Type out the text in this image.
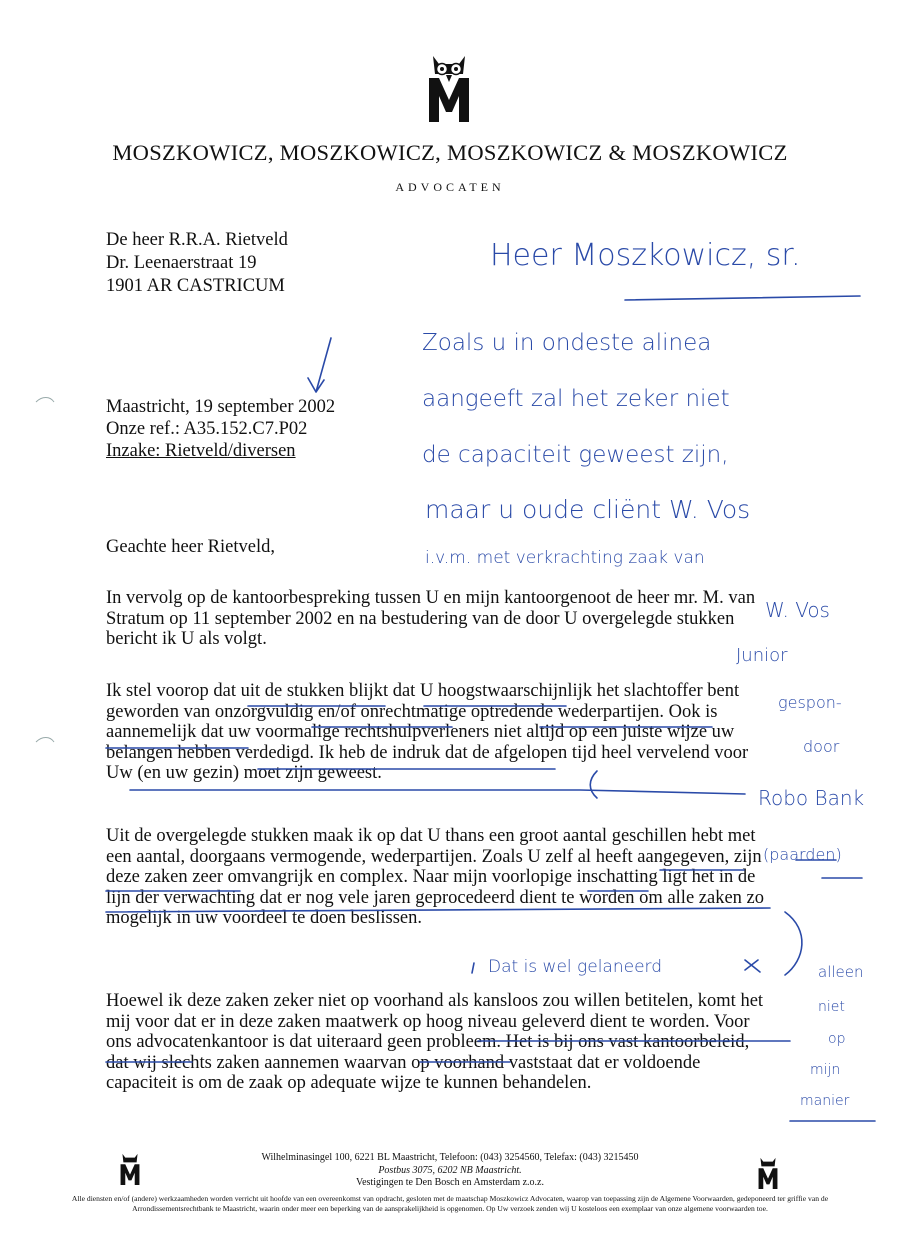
MOSZKOWICZ, MOSZKOWICZ, MOSZKOWICZ & MOSZKOWICZ
ADVOCATEN
De heer R.R.A. Rietveld
Dr. Leenaerstraat 19
1901 AR CASTRICUM
Maastricht, 19 september 2002
Onze ref.: A35.152.C7.P02
Inzake: Rietveld/diversen
Geachte heer Rietveld,

In vervolg op de kantoorbespreking tussen U en mijn kantoorgenoot de heer mr. M. van Stratum op 11 september 2002 en na bestudering van de door U overgelegde stukken bericht ik U als volgt.

Ik stel voorop dat uit de stukken blijkt dat U hoogstwaarschijnlijk het slachtoffer bent geworden van onzorgvuldig en/of onrechtmatige optredende wederpartijen. Ook is aannemelijk dat uw voormalige rechtshulpverleners niet altijd op een juiste wijze uw belangen hebben verdedigd. Ik heb de indruk dat de afgelopen tijd heel vervelend voor Uw (en uw gezin) moet zijn geweest.

Uit de overgelegde stukken maak ik op dat U thans een groot aantal geschillen hebt met een aantal, doorgaans vermogende, wederpartijen. Zoals U zelf al heeft aangegeven, zijn deze zaken zeer omvangrijk en complex. Naar mijn voorlopige inschatting ligt het in de lijn der verwachting dat er nog vele jaren geprocedeerd dient te worden om alle zaken zo mogelijk in uw voordeel te doen beslissen.

Hoewel ik deze zaken zeker niet op voorhand als kansloos zou willen betitelen, komt het mij voor dat er in deze zaken maatwerk op hoog niveau geleverd dient te worden. Voor ons advocatenkantoor is dat uiteraard geen probleem. Het is bij ons vast kantoorbeleid, dat wij slechts zaken aannemen waarvan op voorhand vaststaat dat er voldoende capaciteit is om de zaak op adequate wijze te kunnen behandelen.

Heer Moszkowicz, sr.
Zoals u in ondeste alinea
aangeeft zal het zeker niet
de capaciteit geweest zijn,
maar u oude cliënt W. Vos
i.v.m. met verkrachting zaak van
W. Vos
Junior
gespon-
door
Robo Bank
(paarden)
alleen
niet
op
mijn
manier
Dat is wel gelaneerd
Wilhelminasingel 100, 6221 BL Maastricht, Telefoon: (043) 3254560, Telefax: (043) 3215450
Postbus 3075, 6202 NB Maastricht.
Vestigingen te Den Bosch en Amsterdam z.o.z.
Alle diensten en/of (andere) werkzaamheden worden verricht uit hoofde van een overeenkomst van opdracht, gesloten met de maatschap Moszkowicz Advocaten, waarop van toepassing zijn de Algemene Voorwaarden, gedeponeerd ter griffie van de Arrondissementsrechtbank te Maastricht, waarin onder meer een beperking van de aansprakelijkheid is opgenomen. Op Uw verzoek zenden wij U kosteloos een exemplaar van onze algemene voorwaarden toe.
